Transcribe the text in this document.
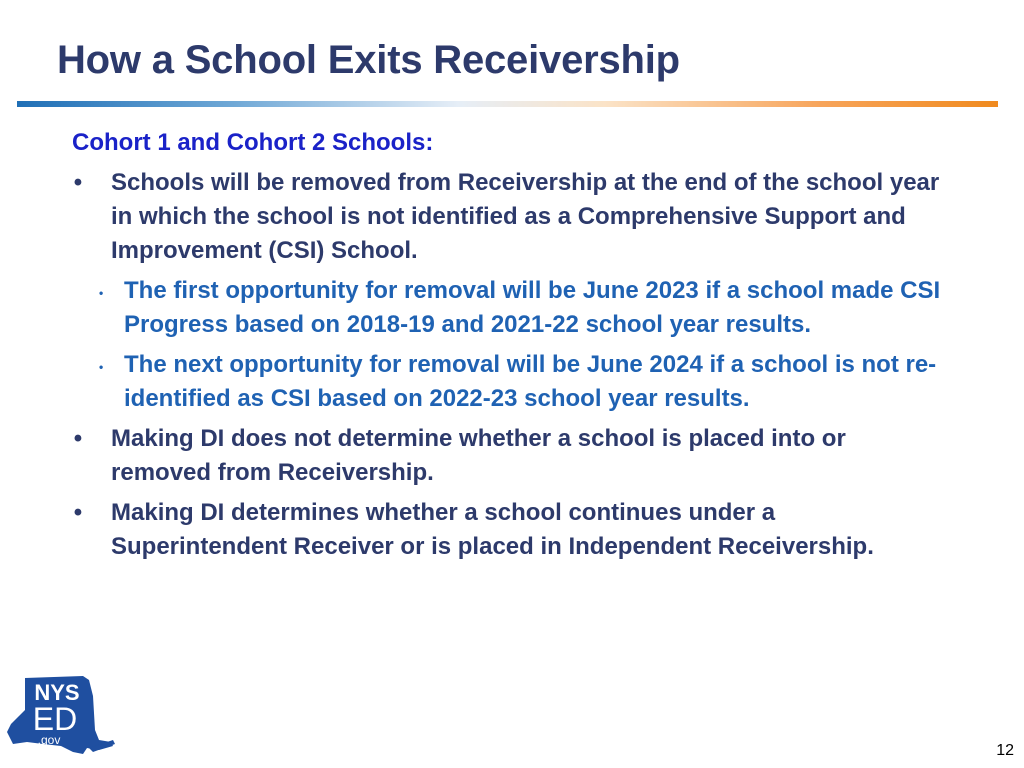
How a School Exits Receivership
Cohort 1 and Cohort 2 Schools:
• Schools will be removed from Receivership at the end of the school year in which the school is not identified as a Comprehensive Support and Improvement (CSI) School.
• The first opportunity for removal will be June 2023 if a school made CSI Progress based on 2018-19 and 2021-22 school year results.
• The next opportunity for removal will be June 2024 if a school is not re-identified as CSI based on 2022-23 school year results.
• Making DI does not determine whether a school is placed into or removed from Receivership.
• Making DI determines whether a school continues under a Superintendent Receiver or is placed in Independent Receivership.
NYS
ED
.gov
12
